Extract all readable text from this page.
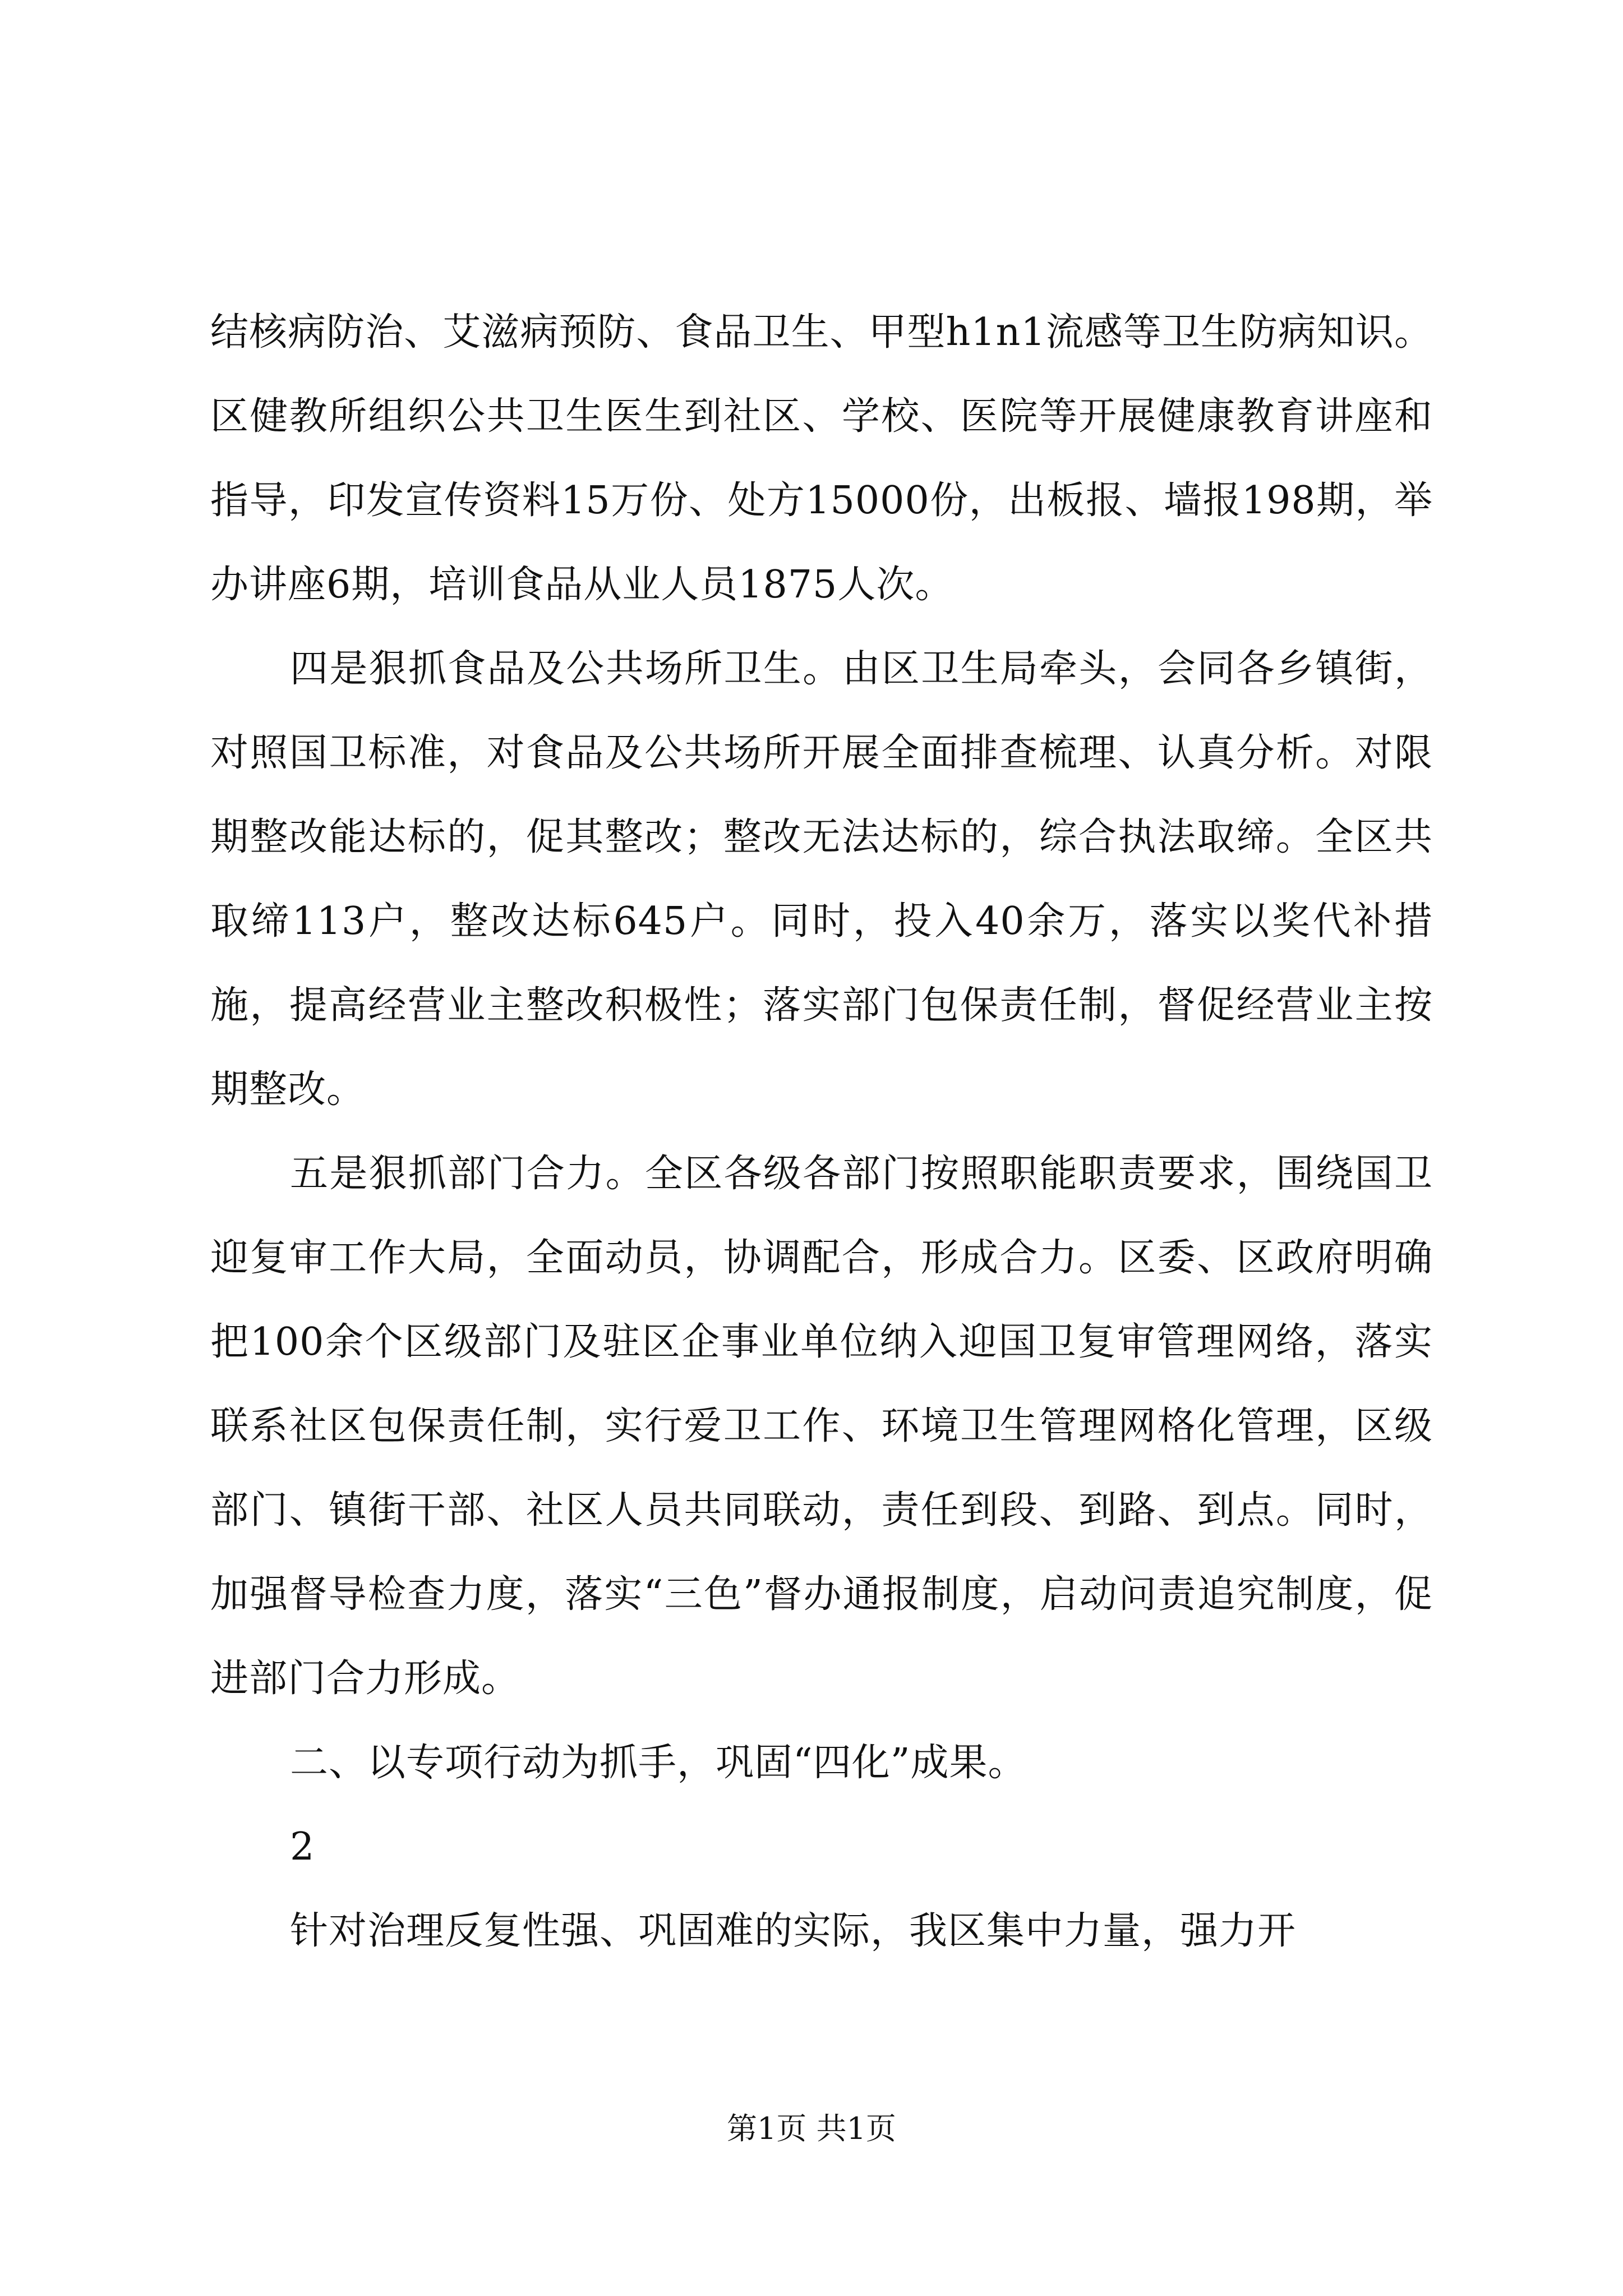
结核病防治、艾滋病预防、食品卫生、甲型h1n1流感等卫生防病知识。区健教所组织公共卫生医生到社区、学校、医院等开展健康教育讲座和指导，印发宣传资料15万份、处方15000份，出板报、墙报198期，举办讲座6期，培训食品从业人员1875人次。

四是狠抓食品及公共场所卫生。由区卫生局牵头，会同各乡镇街，对照国卫标准，对食品及公共场所开展全面排查梳理、认真分析。对限期整改能达标的，促其整改；整改无法达标的，综合执法取缔。全区共取缔113户，整改达标645户。同时，投入40余万，落实以奖代补措施，提高经营业主整改积极性；落实部门包保责任制，督促经营业主按期整改。

五是狠抓部门合力。全区各级各部门按照职能职责要求，围绕国卫迎复审工作大局，全面动员，协调配合，形成合力。区委、区政府明确把100余个区级部门及驻区企事业单位纳入迎国卫复审管理网络，落实联系社区包保责任制，实行爱卫工作、环境卫生管理网格化管理，区级部门、镇街干部、社区人员共同联动，责任到段、到路、到点。同时，加强督导检查力度，落实“三色”督办通报制度，启动问责追究制度，促进部门合力形成。

二、以专项行动为抓手，巩固“四化”成果。

2

针对治理反复性强、巩固难的实际，我区集中力量，强力开

第1页 共1页
